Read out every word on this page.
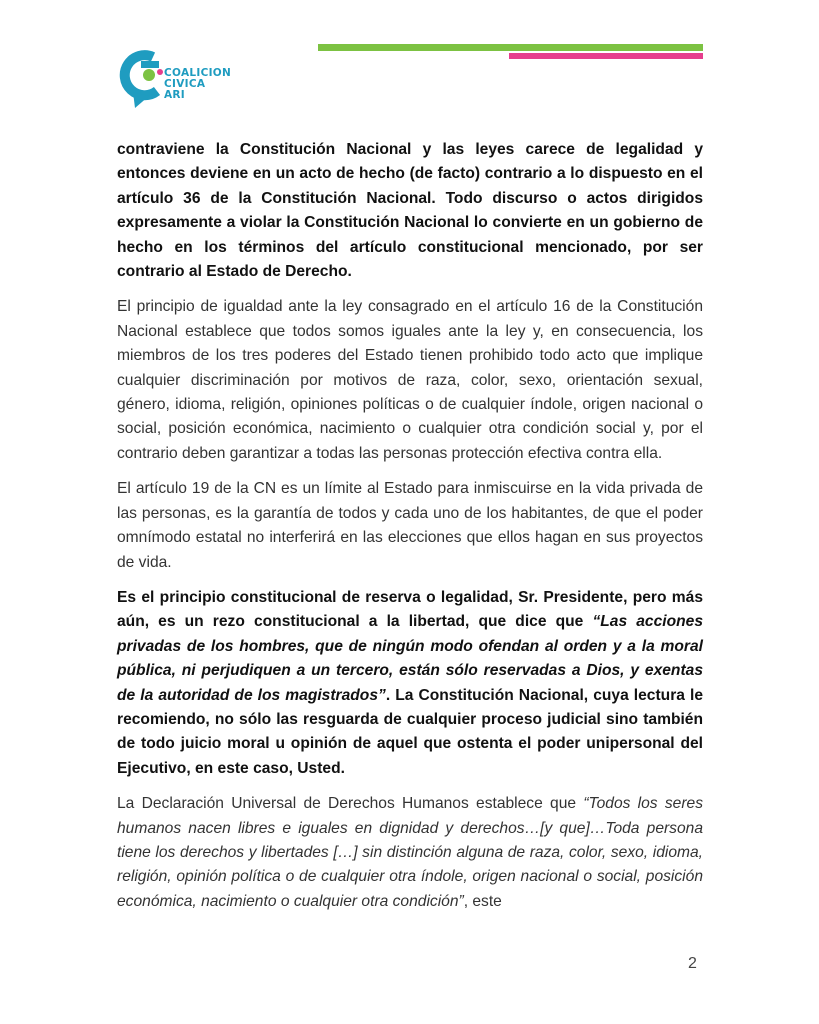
COALICION
CIVICA
ARI

contraviene la Constitución Nacional y las leyes carece de legalidad y entonces deviene en un acto de hecho (de facto) contrario a lo dispuesto en el artículo 36 de la Constitución Nacional. Todo discurso o actos dirigidos expresamente a violar la Constitución Nacional lo convierte en un gobierno de hecho en los términos del artículo constitucional mencionado, por ser contrario al Estado de Derecho.

El principio de igualdad ante la ley consagrado en el artículo 16 de la Constitución Nacional establece que todos somos iguales ante la ley y, en consecuencia, los miembros de los tres poderes del Estado tienen prohibido todo acto que implique cualquier discriminación por motivos de raza, color, sexo, orientación sexual, género, idioma, religión, opiniones políticas o de cualquier índole, origen nacional o social, posición económica, nacimiento o cualquier otra condición social y, por el contrario deben garantizar a todas las personas protección efectiva contra ella.

El artículo 19 de la CN es un límite al Estado para inmiscuirse en la vida privada de las personas, es la garantía de todos y cada uno de los habitantes, de que el poder omnímodo estatal no interferirá en las elecciones que ellos hagan en sus proyectos de vida.

Es el principio constitucional de reserva o legalidad, Sr. Presidente, pero más aún, es un rezo constitucional a la libertad, que dice que “Las acciones privadas de los hombres, que de ningún modo ofendan al orden y a la moral pública, ni perjudiquen a un tercero, están sólo reservadas a Dios, y exentas de la autoridad de los magistrados”. La Constitución Nacional, cuya lectura le recomiendo, no sólo las resguarda de cualquier proceso judicial sino también de todo juicio moral u opinión de aquel que ostenta el poder unipersonal del Ejecutivo, en este caso, Usted.

La Declaración Universal de Derechos Humanos establece que “Todos los seres humanos nacen libres e iguales en dignidad y derechos…[y que]…Toda persona tiene los derechos y libertades […] sin distinción alguna de raza, color, sexo, idioma, religión, opinión política o de cualquier otra índole, origen nacional o social, posición económica, nacimiento o cualquier otra condición”, este

2
